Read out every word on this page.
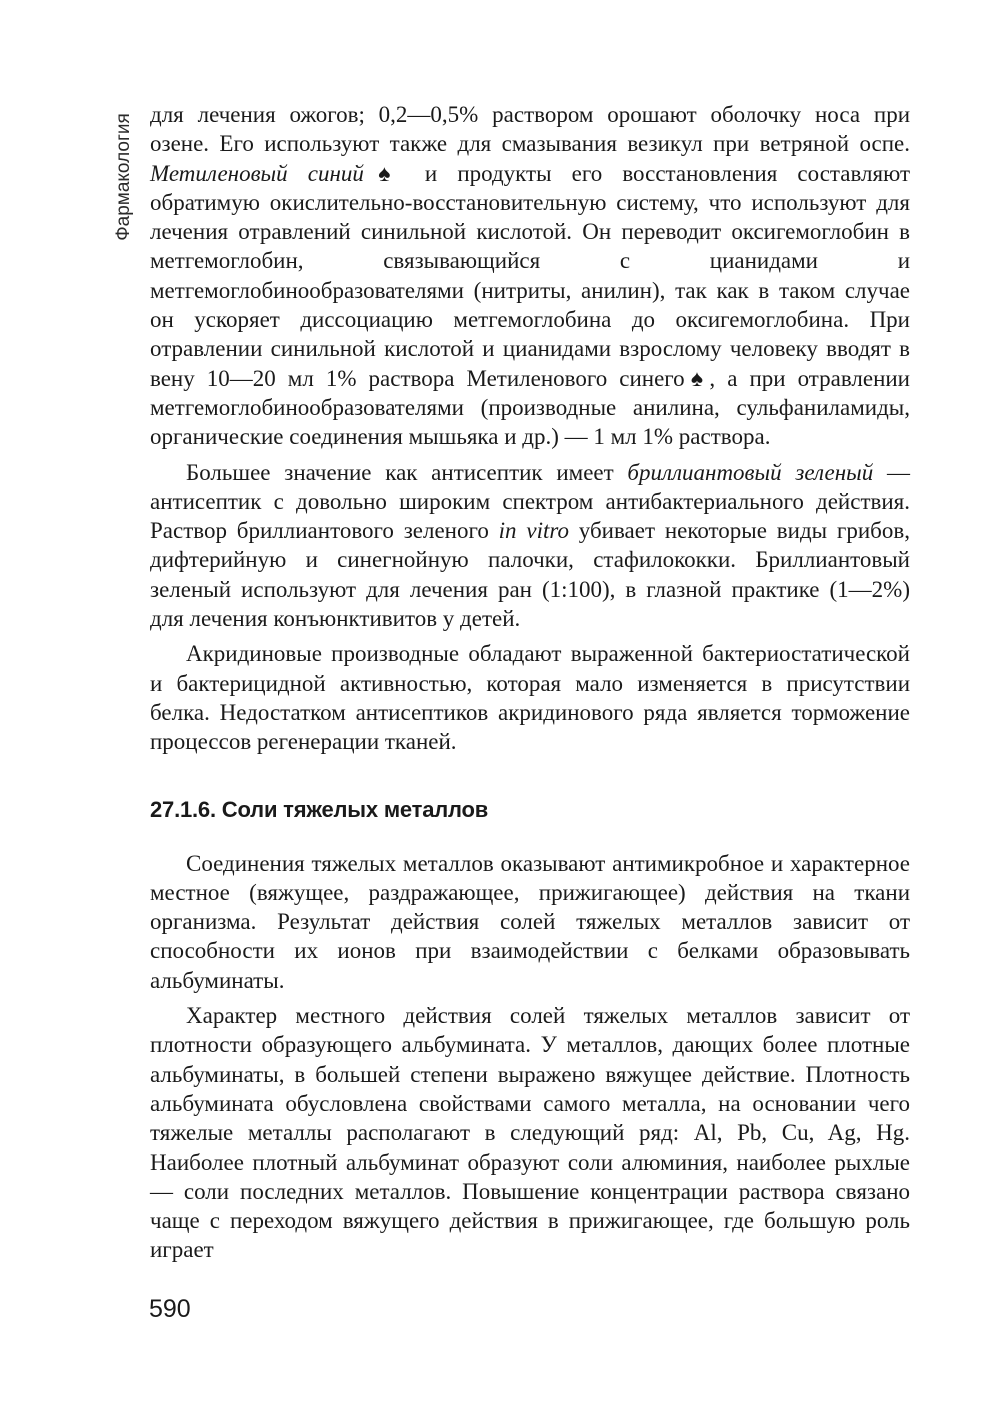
Фармакология для лечения ожогов; 0,2—0,5% раствором орошают оболочку носа при озене. Его используют также для смазывания везикул при ветряной оспе. Метиленовый синий♠ и продукты его восстановления составляют обратимую окислительно-восстановительную систему, что используют для лечения отравлений синильной кислотой. Он переводит оксигемоглобин в метгемоглобин, связывающийся с цианидами и метгемоглобинообразователями (нитриты, анилин), так как в таком случае он ускоряет диссоциацию метгемоглобина до оксигемоглобина. При отравлении синильной кислотой и цианидами взрослому человеку вводят в вену 10—20 мл 1% раствора Метиленового синего♠, а при отравлении метгемоглобинообразователями (производные анилина, сульфаниламиды, органические соединения мышьяка и др.) — 1 мл 1% раствора.

Большее значение как антисептик имеет бриллиантовый зеленый — антисептик с довольно широким спектром антибактериального действия. Раствор бриллиантового зеленого in vitro убивает некоторые виды грибов, дифтерийную и синегнойную палочки, стафилококки. Бриллиантовый зеленый используют для лечения ран (1:100), в глазной практике (1—2%) для лечения конъюнктивитов у детей.

Акридиновые производные обладают выраженной бактериостатической и бактерицидной активностью, которая мало изменяется в присутствии белка. Недостатком антисептиков акридинового ряда является торможение процессов регенерации тканей.

27.1.6. Соли тяжелых металлов

Соединения тяжелых металлов оказывают антимикробное и характерное местное (вяжущее, раздражающее, прижигающее) действия на ткани организма. Результат действия солей тяжелых металлов зависит от способности их ионов при взаимодействии с белками образовывать альбуминаты.

Характер местного действия солей тяжелых металлов зависит от плотности образующего альбумината. У металлов, дающих более плотные альбуминаты, в большей степени выражено вяжущее действие. Плотность альбумината обусловлена свойствами самого металла, на основании чего тяжелые металлы располагают в следующий ряд: Al, Pb, Cu, Ag, Hg. Наиболее плотный альбуминат образуют соли алюминия, наиболее рыхлые — соли последних металлов. Повышение концентрации раствора связано чаще с переходом вяжущего действия в прижигающее, где большую роль играет

590
